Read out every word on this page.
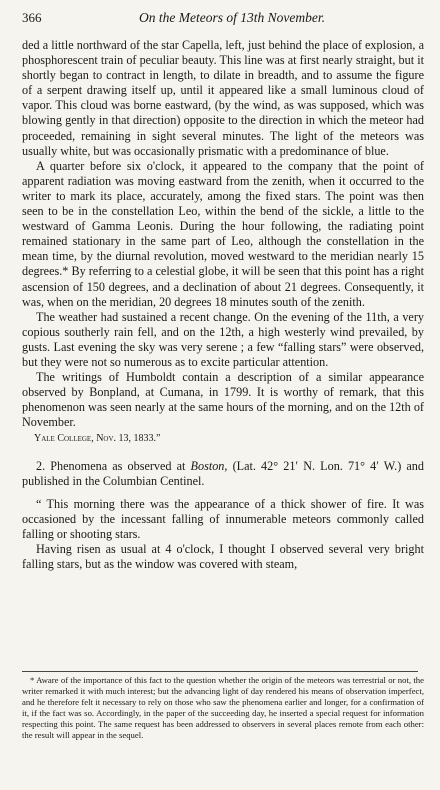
366	On the Meteors of 13th November.

ded a little northward of the star Capella, left, just behind the place of explosion, a phosphorescent train of peculiar beauty. This line was at first nearly straight, but it shortly began to contract in length, to dilate in breadth, and to assume the figure of a serpent drawing itself up, until it appeared like a small luminous cloud of vapor. This cloud was borne eastward, (by the wind, as was supposed, which was blowing gently in that direction) opposite to the direction in which the meteor had proceeded, remaining in sight several minutes. The light of the meteors was usually white, but was occasionally prismatic with a predominance of blue.

A quarter before six o'clock, it appeared to the company that the point of apparent radiation was moving eastward from the zenith, when it occurred to the writer to mark its place, accurately, among the fixed stars. The point was then seen to be in the constellation Leo, within the bend of the sickle, a little to the westward of Gamma Leonis. During the hour following, the radiating point remained stationary in the same part of Leo, although the constellation in the mean time, by the diurnal revolution, moved westward to the meridian nearly 15 degrees.* By referring to a celestial globe, it will be seen that this point has a right ascension of 150 degrees, and a declination of about 21 degrees. Consequently, it was, when on the meridian, 20 degrees 18 minutes south of the zenith.

The weather had sustained a recent change. On the evening of the 11th, a very copious southerly rain fell, and on the 12th, a high westerly wind prevailed, by gusts. Last evening the sky was very serene ; a few “falling stars” were observed, but they were not so numerous as to excite particular attention.

The writings of Humboldt contain a description of a similar appearance observed by Bonpland, at Cumana, in 1799. It is worthy of remark, that this phenomenon was seen nearly at the same hours of the morning, and on the 12th of November.

Yale College, Nov. 13, 1833.”

2. Phenomena as observed at Boston, (Lat. 42° 21′ N. Lon. 71° 4′ W.) and published in the Columbian Centinel.

“ This morning there was the appearance of a thick shower of fire. It was occasioned by the incessant falling of innumerable meteors commonly called falling or shooting stars.

Having risen as usual at 4 o'clock, I thought I observed several very bright falling stars, but as the window was covered with steam,

* Aware of the importance of this fact to the question whether the origin of the meteors was terrestrial or not, the writer remarked it with much interest; but the advancing light of day rendered his means of observation imperfect, and he therefore felt it necessary to rely on those who saw the phenomena earlier and longer, for a confirmation of it, if the fact was so. Accordingly, in the paper of the succeeding day, he inserted a special request for information respecting this point. The same request has been addressed to observers in several places remote from each other: the result will appear in the sequel.
